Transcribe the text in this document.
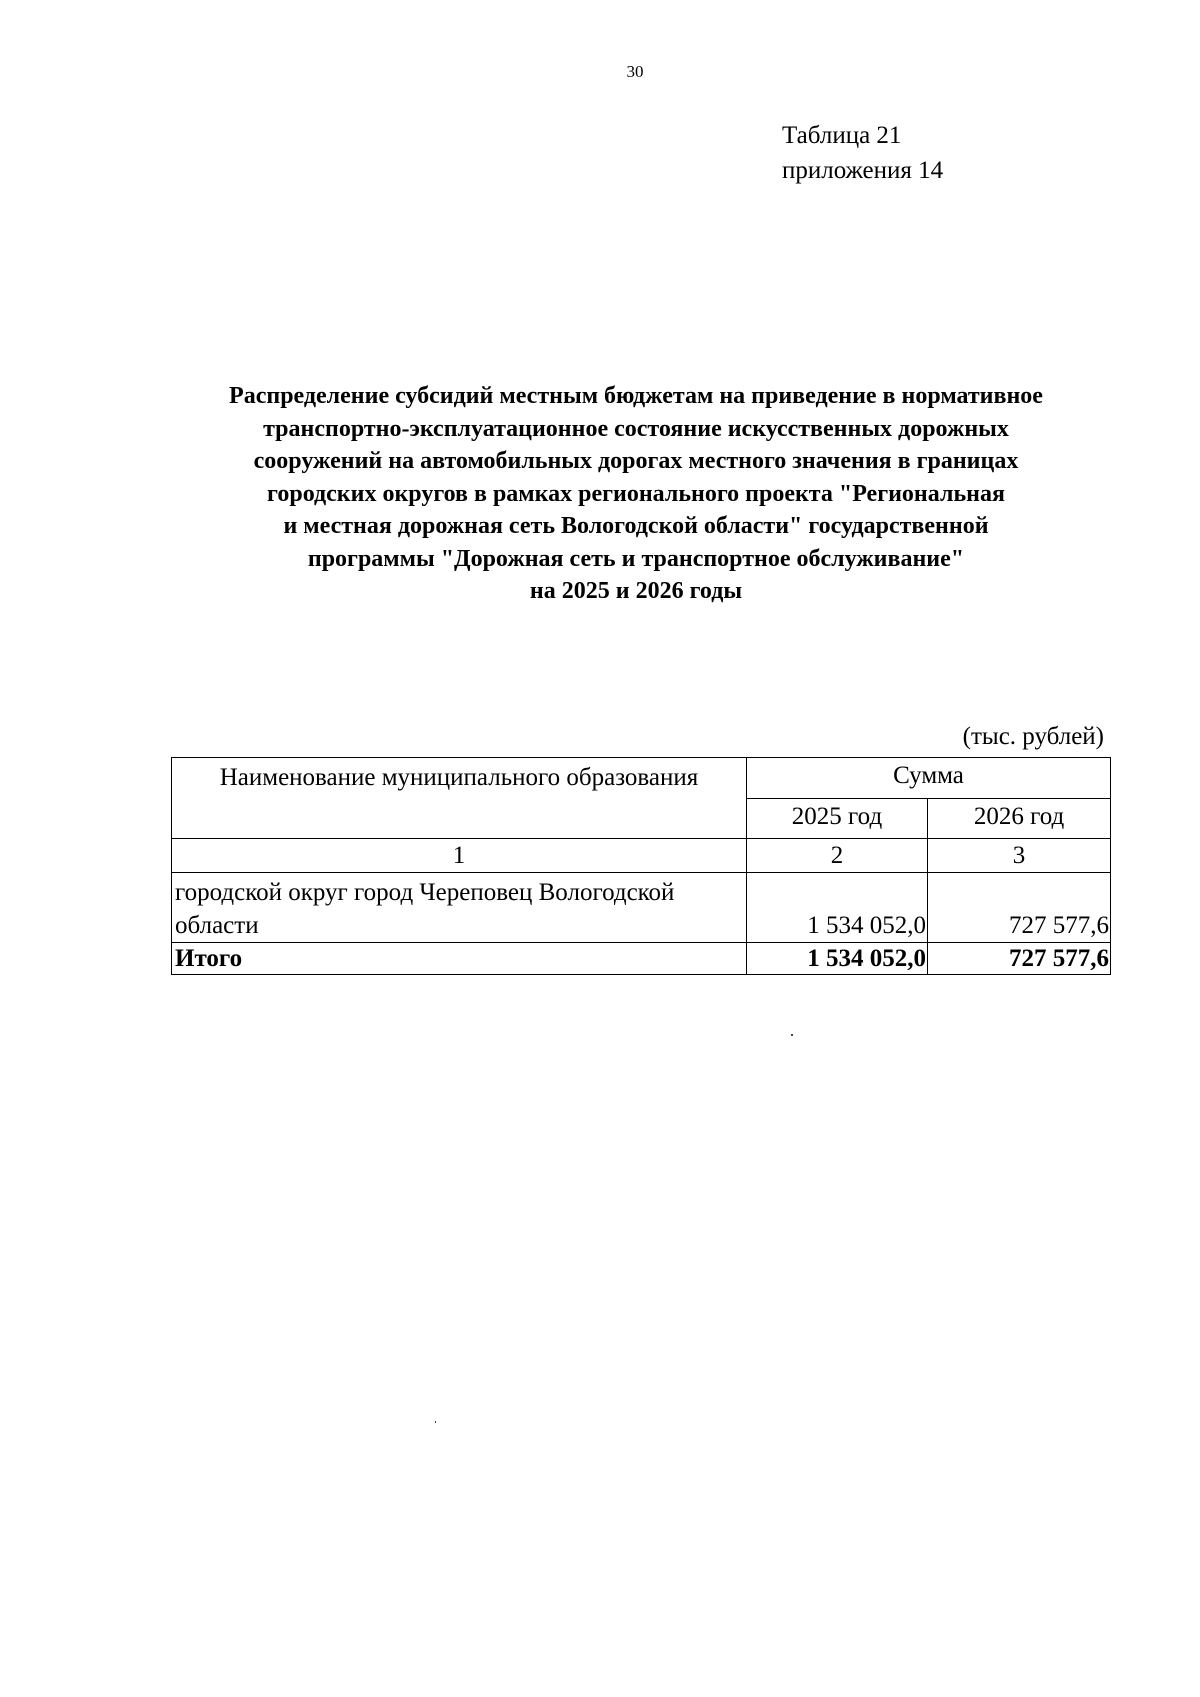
30
Таблица 21
приложения 14
Распределение субсидий местным бюджетам на приведение в нормативное
транспортно-эксплуатационное состояние искусственных дорожных
сооружений на автомобильных дорогах местного значения в границах
городских округов в рамках регионального проекта "Региональная
и местная дорожная сеть Вологодской области" государственной
программы "Дорожная сеть и транспортное обслуживание"
на 2025 и 2026 годы
(тыс. рублей)
Наименование муниципального образования	Сумма	
	2025 год	2026 год
1	2	3

городской округ город Череповец Вологодской
области	1 534 052,0	727 577,6
Итого	1 534 052,0	727 577,6
